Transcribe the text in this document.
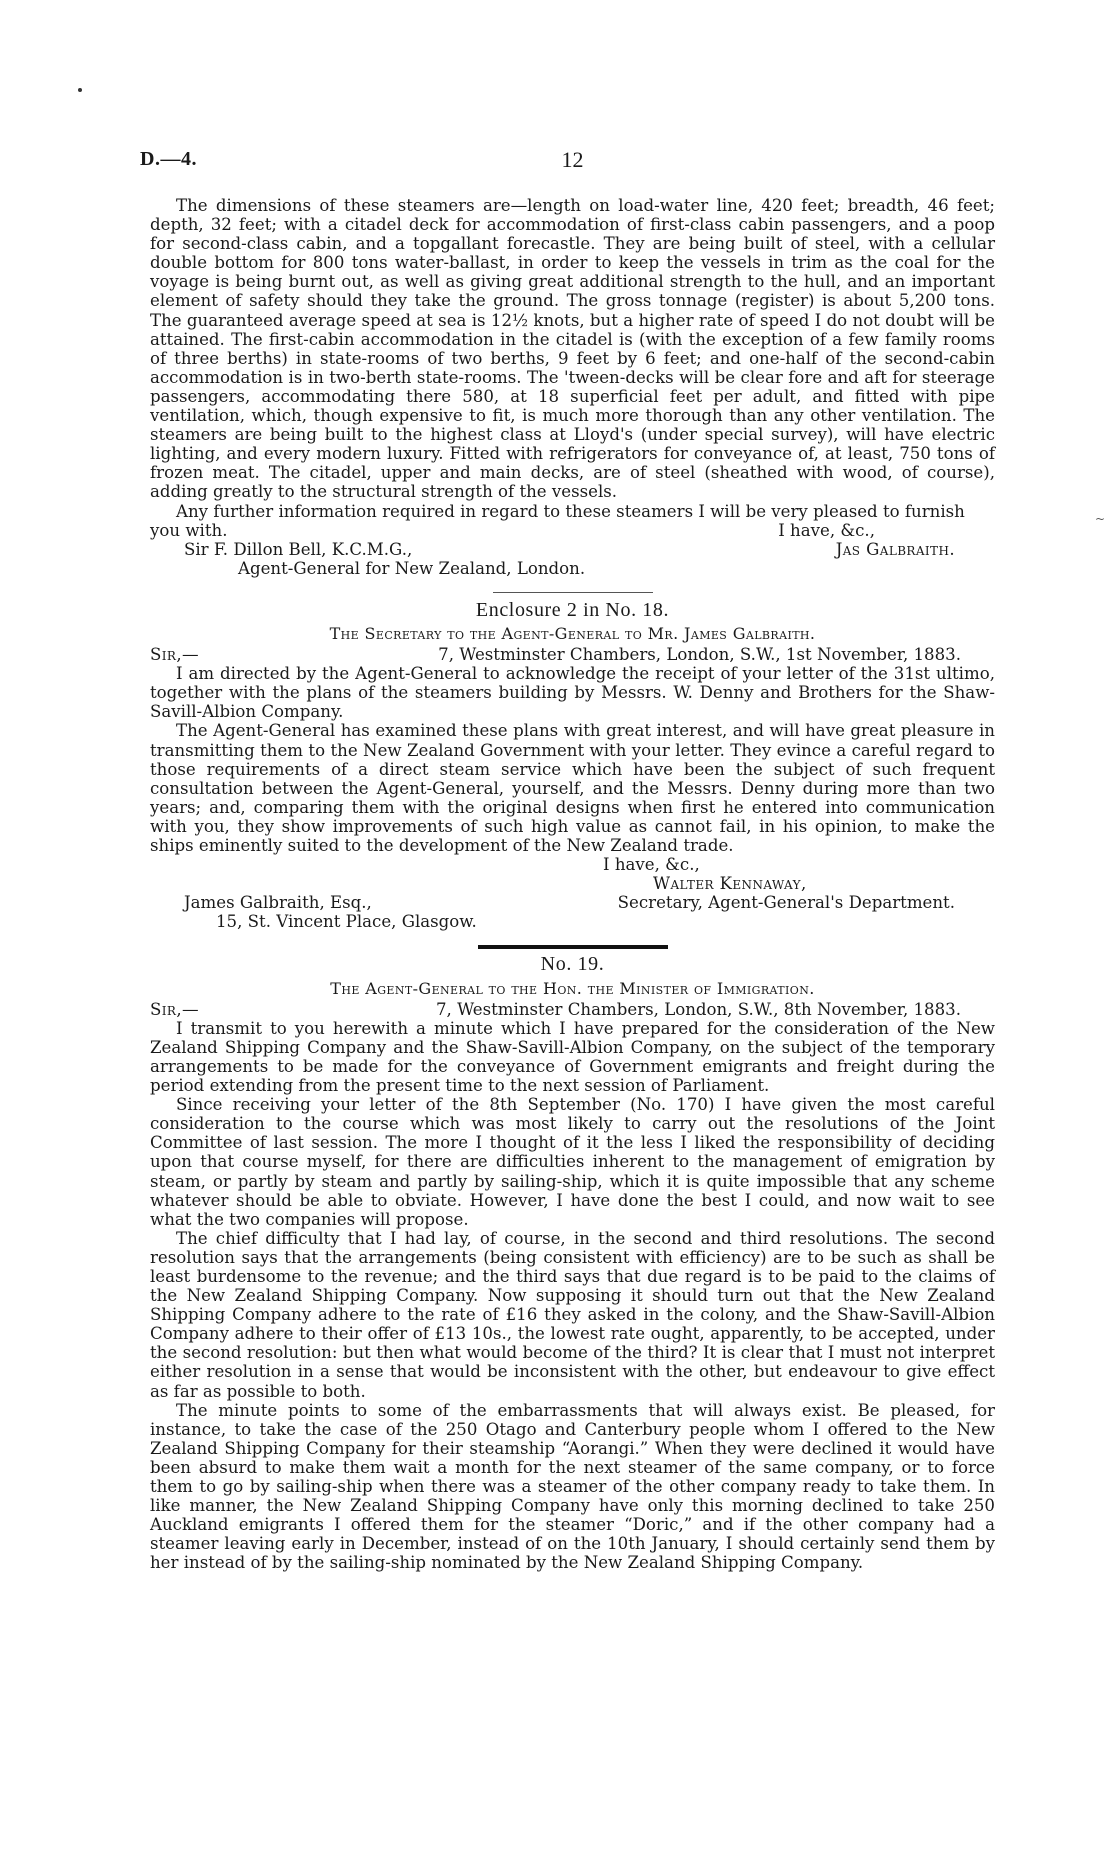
~
D.—4.	12

The dimensions of these steamers are—length on load-water line, 420 feet; breadth, 46 feet; depth, 32 feet; with a citadel deck for accommodation of first-class cabin passengers, and a poop for second-class cabin, and a topgallant forecastle. They are being built of steel, with a cellular double bottom for 800 tons water-ballast, in order to keep the vessels in trim as the coal for the voyage is being burnt out, as well as giving great additional strength to the hull, and an important element of safety should they take the ground. The gross tonnage (register) is about 5,200 tons. The guaranteed average speed at sea is 12½ knots, but a higher rate of speed I do not doubt will be attained. The first-cabin accommodation in the citadel is (with the exception of a few family rooms of three berths) in state-rooms of two berths, 9 feet by 6 feet; and one-half of the second-cabin accommodation is in two-berth state-rooms. The 'tween-decks will be clear fore and aft for steerage passengers, accommodating there 580, at 18 superficial feet per adult, and fitted with pipe ventilation, which, though expensive to fit, is much more thorough than any other ventilation. The steamers are being built to the highest class at Lloyd's (under special survey), will have electric lighting, and every modern luxury. Fitted with refrigerators for conveyance of, at least, 750 tons of frozen meat. The citadel, upper and main decks, are of steel (sheathed with wood, of course), adding greatly to the structural strength of the vessels.

Any further information required in regard to these steamers I will be very pleased to furnish

you with.	I have, &c.,
Sir F. Dillon Bell, K.C.M.G.,	Jas Galbraith.
Agent-General for New Zealand, London.
Enclosure 2 in No. 18.
The Secretary to the Agent-General to Mr. James Galbraith.
Sir,—	7, Westminster Chambers, London, S.W., 1st November, 1883.

I am directed by the Agent-General to acknowledge the receipt of your letter of the 31st ultimo, together with the plans of the steamers building by Messrs. W. Denny and Brothers for the Shaw-Savill-Albion Company.

The Agent-General has examined these plans with great interest, and will have great pleasure in transmitting them to the New Zealand Government with your letter. They evince a careful regard to those requirements of a direct steam service which have been the subject of such frequent consultation between the Agent-General, yourself, and the Messrs. Denny during more than two years; and, comparing them with the original designs when first he entered into communication with you, they show improvements of such high value as cannot fail, in his opinion, to make the ships eminently suited to the development of the New Zealand trade.

I have, &c.,
Walter Kennaway,
James Galbraith, Esq.,	Secretary, Agent-General's Department.
15, St. Vincent Place, Glasgow.
No. 19.
The Agent-General to the Hon. the Minister of Immigration.
Sir,—	7, Westminster Chambers, London, S.W., 8th November, 1883.

I transmit to you herewith a minute which I have prepared for the consideration of the New Zealand Shipping Company and the Shaw-Savill-Albion Company, on the subject of the temporary arrangements to be made for the conveyance of Government emigrants and freight during the period extending from the present time to the next session of Parliament.

Since receiving your letter of the 8th September (No. 170) I have given the most careful consideration to the course which was most likely to carry out the resolutions of the Joint Committee of last session. The more I thought of it the less I liked the responsibility of deciding upon that course myself, for there are difficulties inherent to the management of emigration by steam, or partly by steam and partly by sailing-ship, which it is quite impossible that any scheme whatever should be able to obviate. However, I have done the best I could, and now wait to see what the two companies will propose.

The chief difficulty that I had lay, of course, in the second and third resolutions. The second resolution says that the arrangements (being consistent with efficiency) are to be such as shall be least burdensome to the revenue; and the third says that due regard is to be paid to the claims of the New Zealand Shipping Company. Now supposing it should turn out that the New Zealand Shipping Company adhere to the rate of £16 they asked in the colony, and the Shaw-Savill-Albion Company adhere to their offer of £13 10s., the lowest rate ought, apparently, to be accepted, under the second resolution: but then what would become of the third? It is clear that I must not interpret either resolution in a sense that would be inconsistent with the other, but endeavour to give effect as far as possible to both.

The minute points to some of the embarrassments that will always exist. Be pleased, for instance, to take the case of the 250 Otago and Canterbury people whom I offered to the New Zealand Shipping Company for their steamship “Aorangi.” When they were declined it would have been absurd to make them wait a month for the next steamer of the same company, or to force them to go by sailing-ship when there was a steamer of the other company ready to take them. In like manner, the New Zealand Shipping Company have only this morning declined to take 250 Auckland emigrants I offered them for the steamer “Doric,” and if the other company had a steamer leaving early in December, instead of on the 10th January, I should certainly send them by her instead of by the sailing-ship nominated by the New Zealand Shipping Company.
